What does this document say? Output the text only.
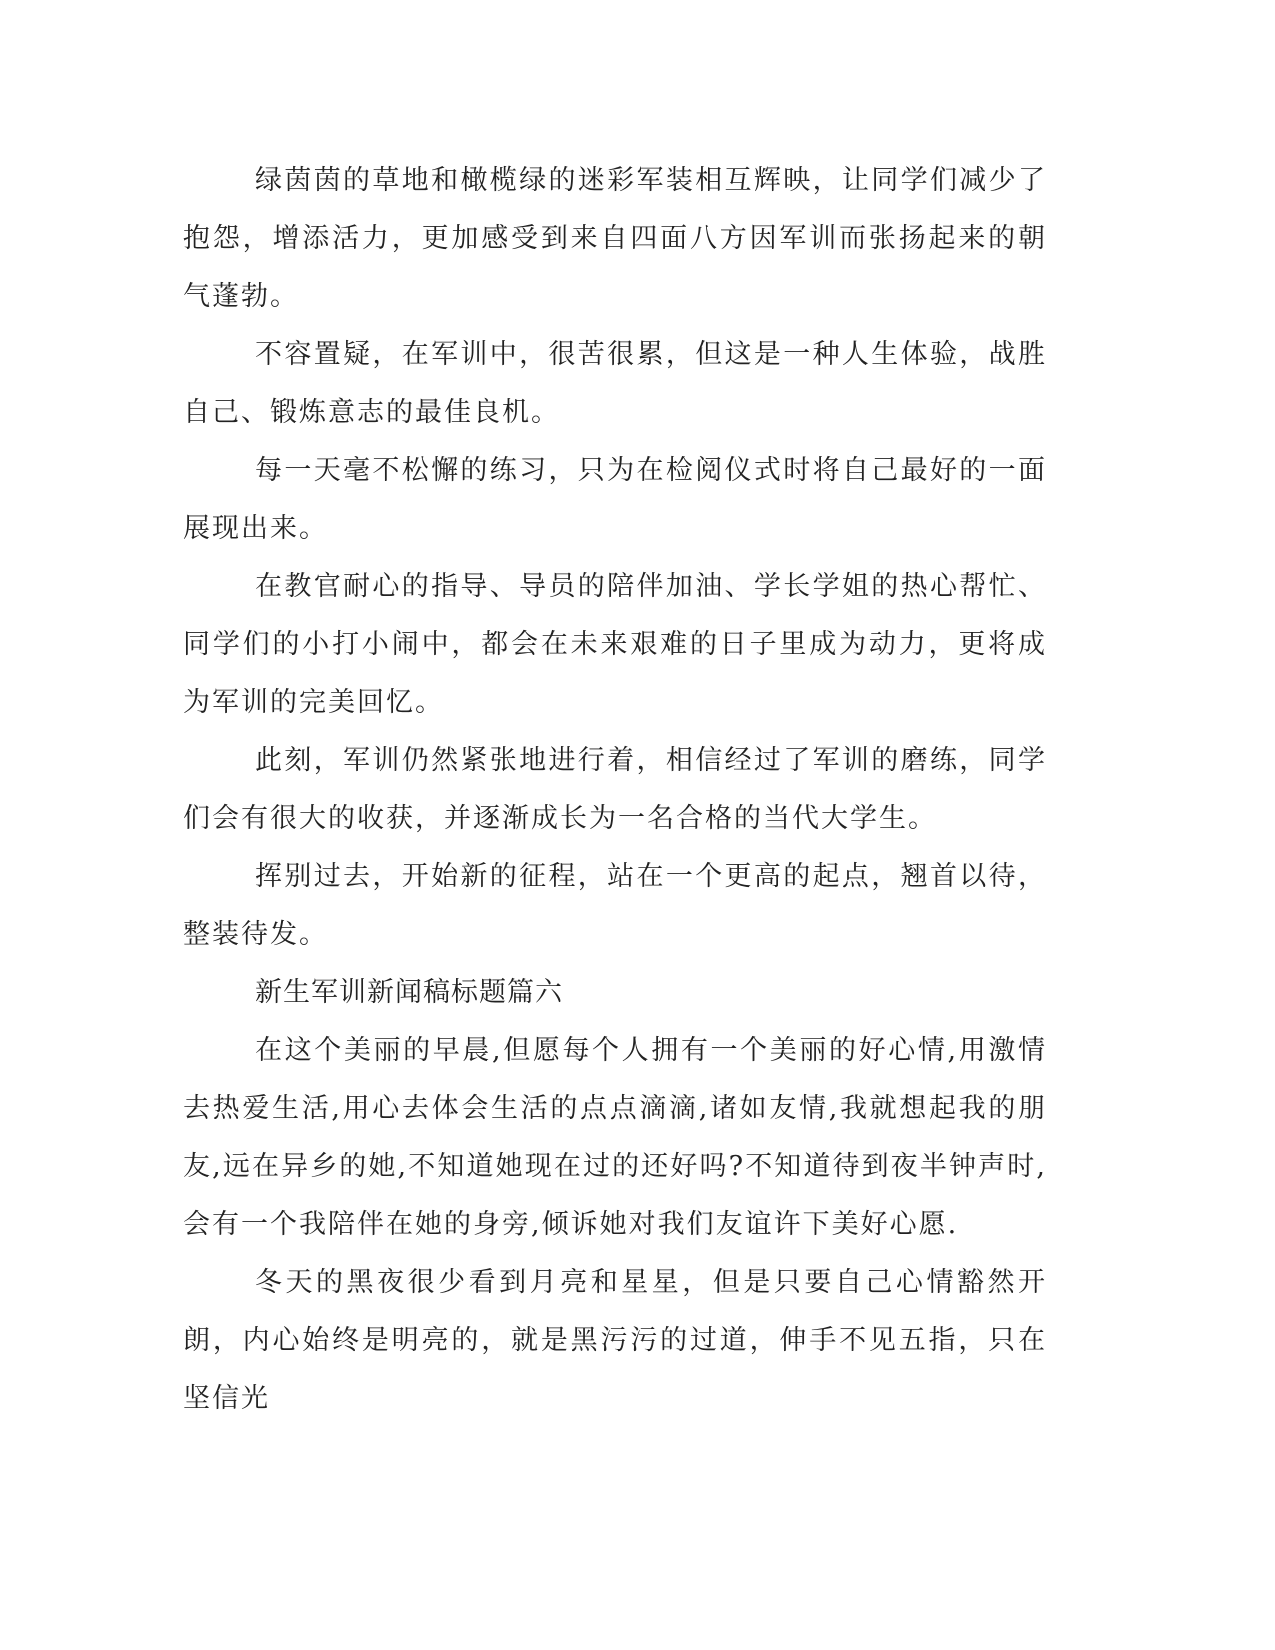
绿茵茵的草地和橄榄绿的迷彩军装相互辉映，让同学们减少了抱怨，增添活力，更加感受到来自四面八方因军训而张扬起来的朝气蓬勃。

不容置疑，在军训中，很苦很累，但这是一种人生体验，战胜自己、锻炼意志的最佳良机。

每一天毫不松懈的练习，只为在检阅仪式时将自己最好的一面展现出来。

在教官耐心的指导、导员的陪伴加油、学长学姐的热心帮忙、同学们的小打小闹中，都会在未来艰难的日子里成为动力，更将成为军训的完美回忆。

此刻，军训仍然紧张地进行着，相信经过了军训的磨练，同学们会有很大的收获，并逐渐成长为一名合格的当代大学生。

挥别过去，开始新的征程，站在一个更高的起点，翘首以待，整装待发。

新生军训新闻稿标题篇六

在这个美丽的早晨,但愿每个人拥有一个美丽的好心情,用激情去热爱生活,用心去体会生活的点点滴滴,诸如友情,我就想起我的朋友,远在异乡的她,不知道她现在过的还好吗?不知道待到夜半钟声时,会有一个我陪伴在她的身旁,倾诉她对我们友谊许下美好心愿.

冬天的黑夜很少看到月亮和星星，但是只要自己心情豁然开朗，内心始终是明亮的，就是黑污污的过道，伸手不见五指，只在坚信光
